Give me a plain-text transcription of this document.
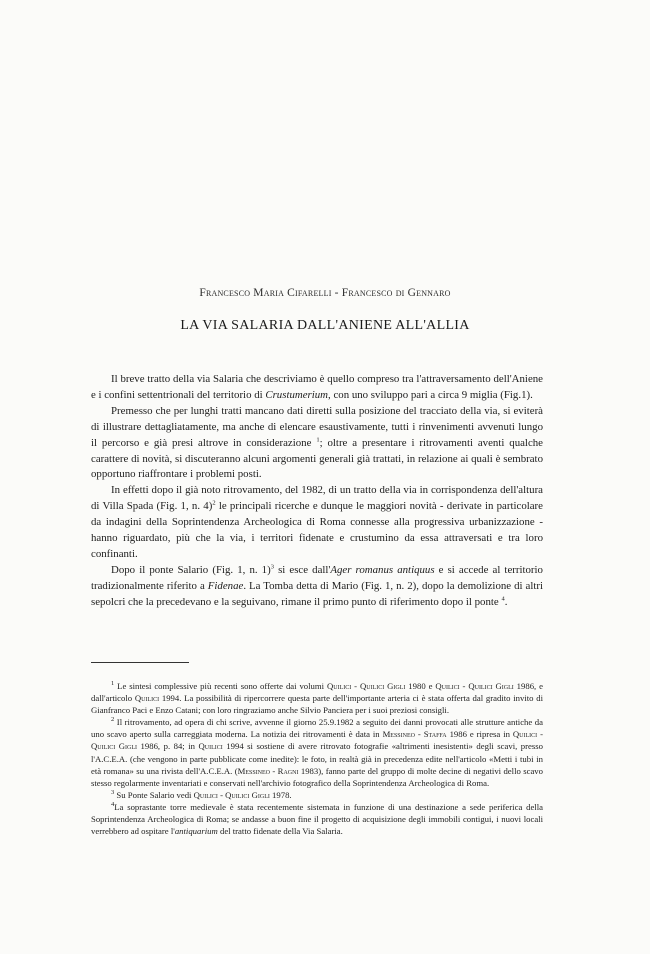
Francesco Maria Cifarelli - Francesco di Gennaro
LA VIA SALARIA DALL'ANIENE ALL'ALLIA

Il breve tratto della via Salaria che descriviamo è quello compreso tra l'attraversamento dell'Aniene e i confini settentrionali del territorio di Crustumerium, con uno sviluppo pari a circa 9 miglia (Fig.1).

Premesso che per lunghi tratti mancano dati diretti sulla posizione del tracciato della via, si eviterà di illustrare dettagliatamente, ma anche di elencare esaustivamente, tutti i rinvenimenti avvenuti lungo il percorso e già presi altrove in considerazione $^1$; oltre a presentare i ritrovamenti aventi qualche carattere di novità, si discuteranno alcuni argomenti generali già trattati, in relazione ai quali è sembrato opportuno riaffrontare i problemi posti.

In effetti dopo il già noto ritrovamento, del 1982, di un tratto della via in corrispondenza dell'altura di Villa Spada (Fig. 1, n. 4)$^2$ le principali ricerche e dunque le maggiori novità - derivate in particolare da indagini della Soprintendenza Archeologica di Roma connesse alla progressiva urbanizzazione - hanno riguardato, più che la via, i territori fidenate e crustumino da essa attraversati e tra loro confinanti.

Dopo il ponte Salario (Fig. 1, n. 1)$^3$ si esce dall'Ager romanus antiquus e si accede al territorio tradizionalmente riferito a Fidenae. La Tomba detta di Mario (Fig. 1, n. 2), dopo la demolizione di altri sepolcri che la precedevano e la seguivano, rimane il primo punto di riferimento dopo il ponte $^4$.

$^1$ Le sintesi complessive più recenti sono offerte dai volumi Quilici - Quilici Gigli 1980 e Quilici - Quilici Gigli 1986, e dall'articolo Quilici 1994. La possibilità di ripercorrere questa parte dell'importante arteria ci è stata offerta dal gradito invito di Gianfranco Paci e Enzo Catani; con loro ringraziamo anche Silvio Panciera per i suoi preziosi consigli.

$^2$ Il ritrovamento, ad opera di chi scrive, avvenne il giorno 25.9.1982 a seguito dei danni provocati alle strutture antiche da uno scavo aperto sulla carreggiata moderna. La notizia dei ritrovamenti è data in Messineo - Staffa 1986 e ripresa in Quilici - Quilici Gigli 1986, p. 84; in Quilici 1994 si sostiene di avere ritrovato fotografie «altrimenti inesistenti» degli scavi, presso l'A.C.E.A. (che vengono in parte pubblicate come inedite): le foto, in realtà già in precedenza edite nell'articolo «Metti i tubi in età romana» su una rivista dell'A.C.E.A. (Messineo - Ragni 1983), fanno parte del gruppo di molte decine di negativi dello scavo stesso regolarmente inventariati e conservati nell'archivio fotografico della Soprintendenza Archeologica di Roma.

$^3$ Su Ponte Salario vedi Quilici - Quilici Gigli 1978.

$^4$La soprastante torre medievale è stata recentemente sistemata in funzione di una destinazione a sede periferica della Soprintendenza Archeologica di Roma; se andasse a buon fine il progetto di acquisizione degli immobili contigui, i nuovi locali verrebbero ad ospitare l'antiquarium del tratto fidenate della Via Salaria.
